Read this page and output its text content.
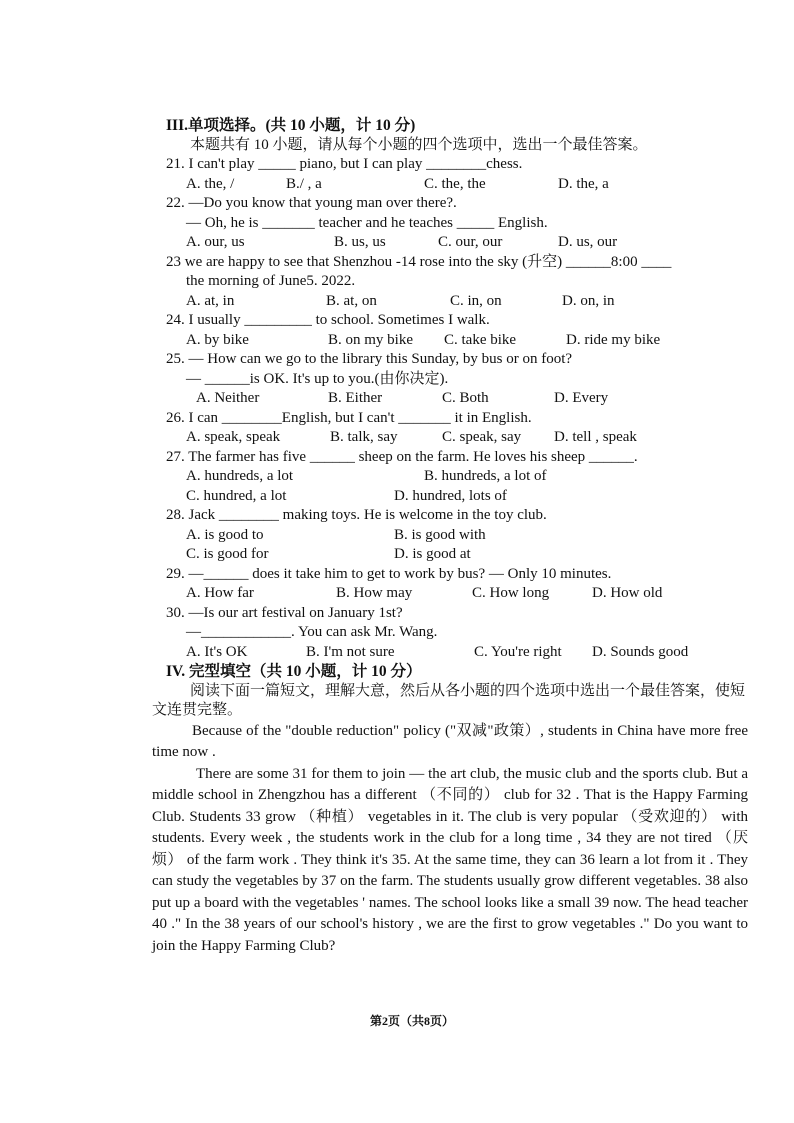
III.单项选择。(共 10 小题，计 10 分)
本题共有 10 小题，请从每个小题的四个选项中，选出一个最佳答案。
21. I can't play _____ piano, but I can play ________chess.
A. the, /	B./ , a	C. the, the	D. the, a
22. —Do you know that young man over there?.
— Oh, he is _______ teacher and he teaches _____ English.
A. our, us	B. us, us	C. our, our	D. us, our
23 we are happy to see that Shenzhou -14 rose into the sky (升空) ______8:00 ____
the morning of June5. 2022.
A. at, in	B. at, on	C. in, on	D. on, in
24. I usually _________ to school. Sometimes I walk.
A. by bike	B. on my bike C. take bike	D. ride my bike
25. — How can we go to the library this Sunday, by bus or on foot?
— ______is OK. It's up to you.(由你决定).
A. Neither	B. Either	C. Both	D. Every
26. I can ________English, but I can't _______ it in English.
A. speak, speak	B. talk, say	C. speak, say D. tell , speak
27. The farmer has five ______ sheep on the farm. He loves his sheep ______.
A. hundreds, a lot	B. hundreds, a lot of
C. hundred, a lot	D. hundred, lots of
28. Jack ________ making toys. He is welcome in the toy club.
A. is good to	B. is good with
C. is good for	D. is good at
29. —______ does it take him to get to work by bus? — Only 10 minutes.
A. How far	B. How may	C. How long	D. How old
30. —Is our art festival on January 1st?
—____________. You can ask Mr. Wang.
A. It's OK	B. I'm not sure	C. You're right D. Sounds good
IV. 完型填空（共 10 小题，计 10 分）
阅读下面一篇短文，理解大意，然后从各小题的四个选项中选出一个最佳答案，使短文连贯完整。

Because of the "double reduction" policy ("双减"政策）, students in China have more free time now .

There are some 31 for them to join — the art club, the music club and the sports club. But a middle school in Zhengzhou has a different （不同的） club for 32 . That is the Happy Farming Club. Students 33 grow （种植） vegetables in it. The club is very popular （受欢迎的） with students. Every week , the students work in the club for a long time , 34 they are not tired （厌烦） of the farm work . They think it's 35. At the same time, they can 36 learn a lot from it . They can study the vegetables by 37 on the farm. The students usually grow different vegetables. 38 also put up a board with the vegetables ' names. The school looks like a small 39 now. The head teacher 40 ." In the 38 years of our school's history , we are the first to grow vegetables ." Do you want to join the Happy Farming Club?

第2页（共8页）
